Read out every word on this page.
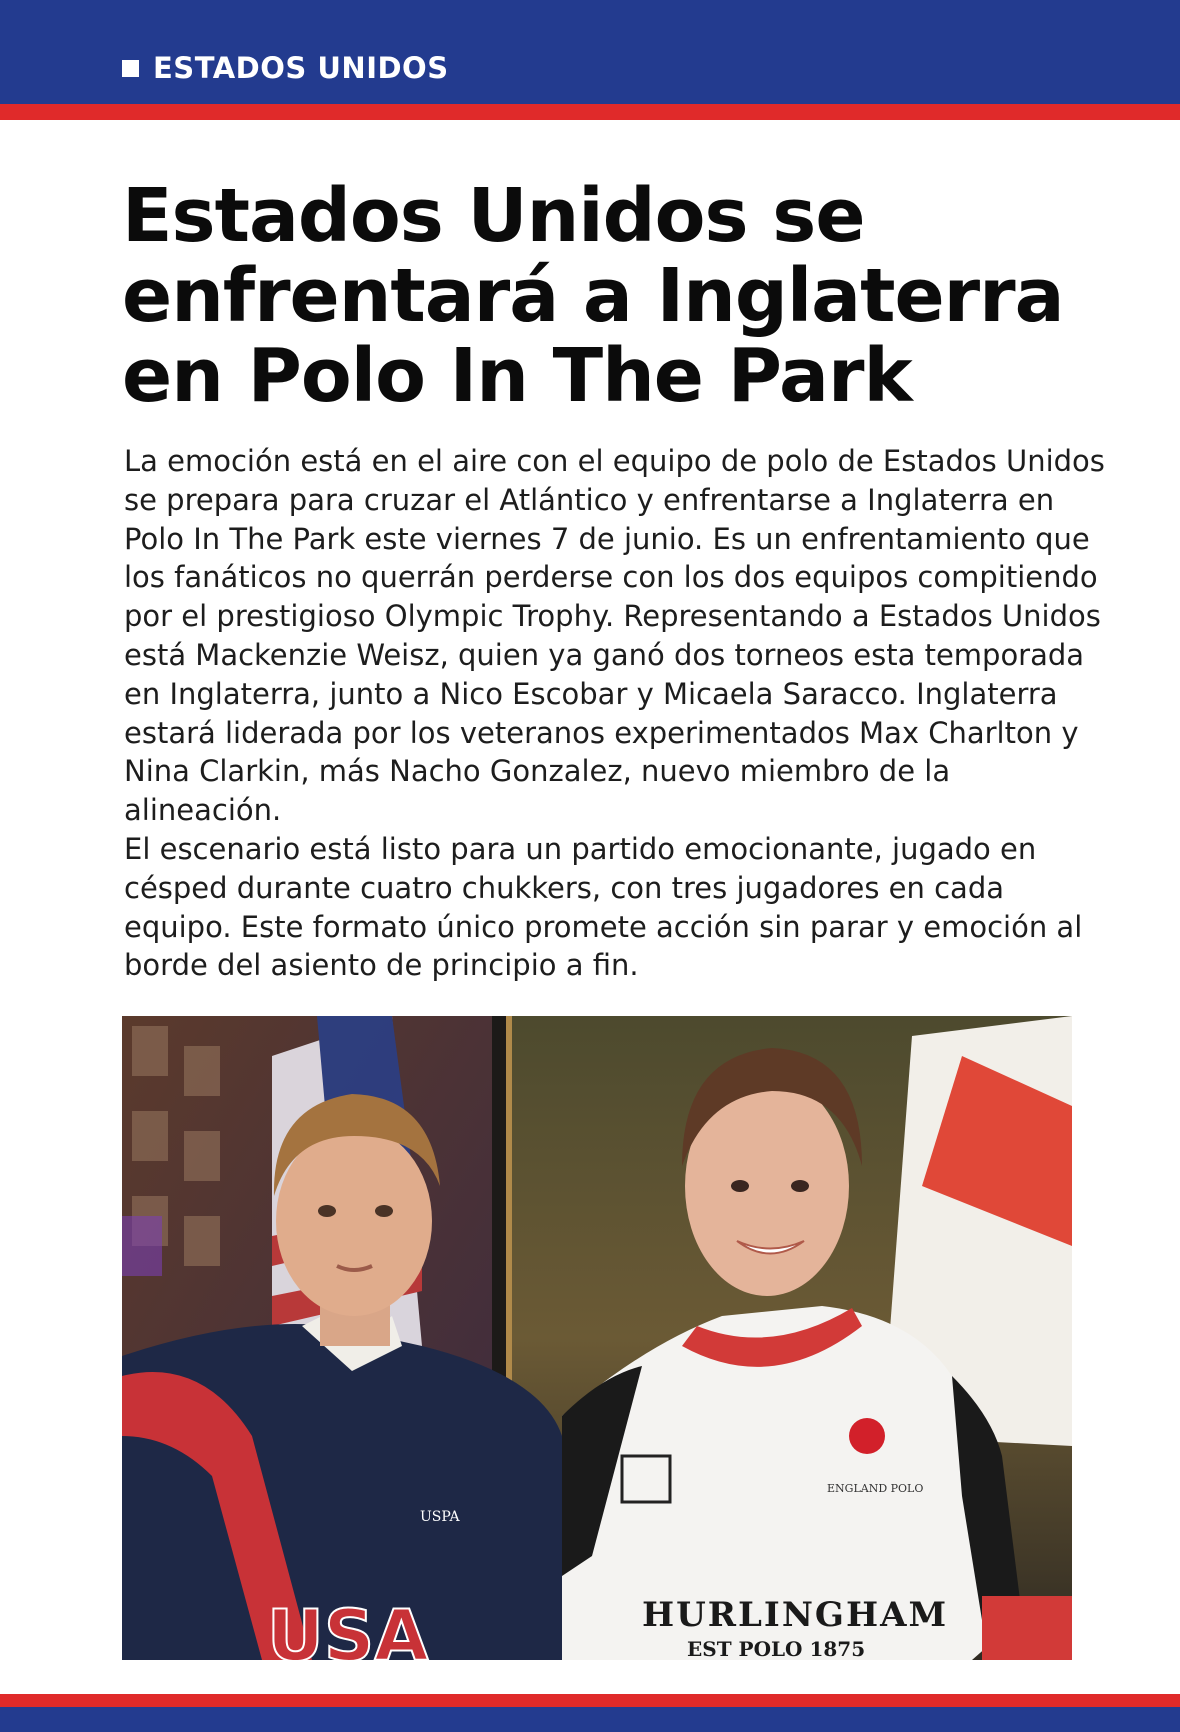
ESTADOS UNIDOS
Estados Unidos se enfrentará a Inglaterra en Polo In The Park

La emoción está en el aire con el equipo de polo de Estados Unidos se prepara para cruzar el Atlántico y enfrentarse a Inglaterra en Polo In The Park este viernes 7 de junio. Es un enfrentamiento que los fanáticos no querrán perderse con los dos equipos compitiendo por el prestigioso Olympic Trophy. Representando a Estados Unidos está Mackenzie Weisz, quien ya ganó dos torneos esta temporada en Inglaterra, junto a Nico Escobar y Micaela Saracco. Inglaterra estará liderada por los veteranos experimentados Max Charlton y Nina Clarkin, más Nacho Gonzalez, nuevo miembro de la alineación.

El escenario está listo para un partido emocionante, jugado en césped durante cuatro chukkers, con tres jugadores en cada equipo. Este formato único promete acción sin parar y emoción al borde del asiento de principio a fin.

USPA
USA
ENGLAND POLO
HURLINGHAM
EST POLO 1875
